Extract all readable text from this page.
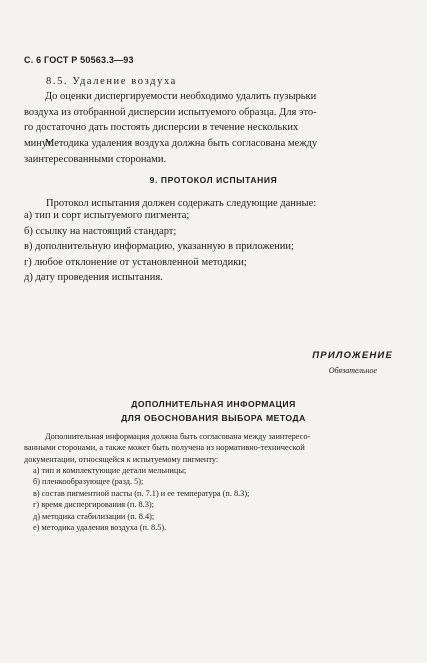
С. 6 ГОСТ Р 50563.3—93
8.5. Удаление воздуха
До оценки диспергируемости необходимо удалить пузырьки
воздуха из отобранной дисперсии испытуемого образца. Для это-
го достаточно дать постоять дисперсии в течение нескольких
минут.
Методика удаления воздуха должна быть согласована между
заинтересованными сторонами.
9. ПРОТОКОЛ ИСПЫТАНИЯ
Протокол испытания должен содержать следующие данные:
а) тип и сорт испытуемого пигмента;
б) ссылку на настоящий стандарт;
в) дополнительную информацию, указанную в приложении;
г) любое отклонение от установленной методики;
д) дату проведения испытания.
ПРИЛОЖЕНИЕ
Обязательное
ДОПОЛНИТЕЛЬНАЯ ИНФОРМАЦИЯ
ДЛЯ ОБОСНОВАНИЯ ВЫБОРА МЕТОДА
Дополнительная информация должна быть согласована между заинтересо-
ванными сторонами, а также может быть получена из нормативно-технической
документации, относящейся к испытуемому пигменту:
а) тип и комплектующие детали мельницы;
б) пленкообразующее (разд. 5);
в) состав пигментной пасты (п. 7.1) и ее температура (п. 8.3);
г) время диспергирования (п. 8.3);
д) методика стабилизации (п. 8.4);
е) методика удаления воздуха (п. 8.5).
